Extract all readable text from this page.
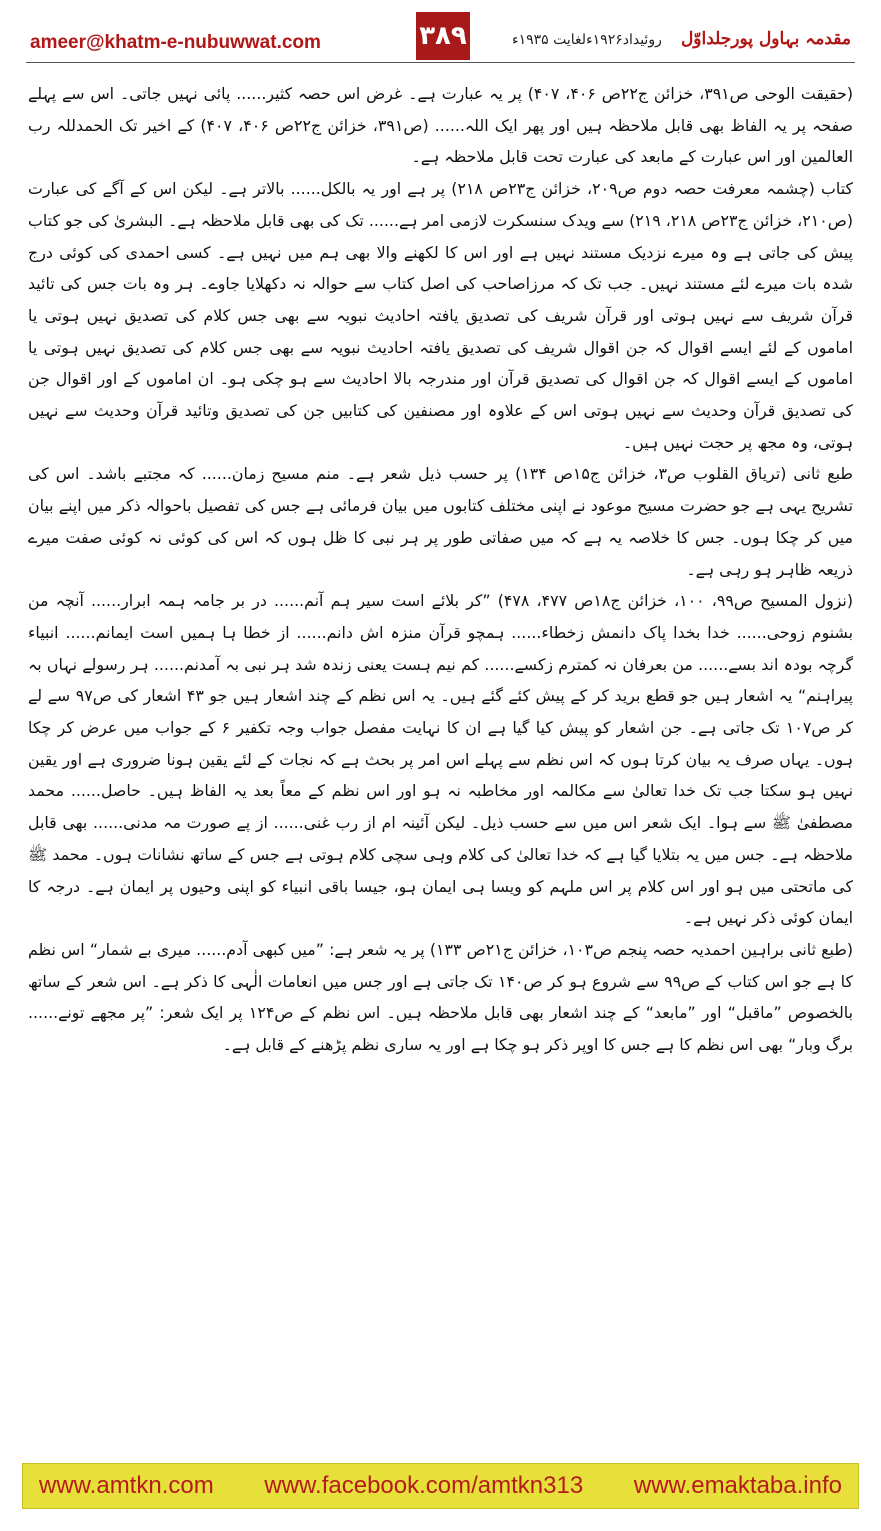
ameer@khatm-e-nubuwwat.com	۳۸۹	مقدمہ بہاول پورجلداوّل روئیداد۱۹۲۶ءلغایت ۱۹۳۵ء

(حقیقت الوحی ص۳۹۱، خزائن ج۲۲ص ۴۰۶، ۴۰۷) پر یہ عبارت ہے۔ غرض اس حصہ کثیر...... پائی نہیں جاتی۔ اس سے پہلے صفحہ پر یہ الفاظ بھی قابل ملاحظہ ہیں اور پھر ایک اللہ...... (ص۳۹۱، خزائن ج۲۲ص ۴۰۶، ۴۰۷) کے اخیر تک الحمدللہ رب العالمین اور اس عبارت کے مابعد کی عبارت تحت قابل ملاحظہ ہے۔

کتاب (چشمہ معرفت حصہ دوم ص۲۰۹، خزائن ج۲۳ص ۲۱۸) پر ہے اور یہ بالکل...... بالاتر ہے۔ لیکن اس کے آگے کی عبارت (ص۲۱۰، خزائن ج۲۳ص ۲۱۸، ۲۱۹) سے ویدک سنسکرت لازمی امر ہے...... تک کی بھی قابل ملاحظہ ہے۔ البشریٰ کی جو کتاب پیش کی جاتی ہے وہ میرے نزدیک مستند نہیں ہے اور اس کا لکھنے والا بھی ہم میں نہیں ہے۔ کسی احمدی کی کوئی درج شدہ بات میرے لئے مستند نہیں۔ جب تک کہ مرزاصاحب کی اصل کتاب سے حوالہ نہ دکھلایا جاوے۔ ہر وہ بات جس کی تائید قرآن شریف سے نہیں ہوتی اور قرآن شریف کی تصدیق یافتہ احادیث نبویہ سے بھی جس کلام کی تصدیق نہیں ہوتی یا اماموں کے لئے ایسے اقوال کہ جن اقوال شریف کی تصدیق یافتہ احادیث نبویہ سے بھی جس کلام کی تصدیق نہیں ہوتی یا اماموں کے ایسے اقوال کہ جن اقوال کی تصدیق قرآن اور مندرجہ بالا احادیث سے ہو چکی ہو۔ ان اماموں کے اور اقوال جن کی تصدیق قرآن وحدیث سے نہیں ہوتی اس کے علاوہ اور مصنفین کی کتابیں جن کی تصدیق وتائید قرآن وحدیث سے نہیں ہوتی، وہ مجھ پر حجت نہیں ہیں۔

طبع ثانی (تریاق القلوب ص۳، خزائن ج۱۵ص ۱۳۴) پر حسب ذیل شعر ہے۔ منم مسیح زمان...... کہ مجتبے باشد۔ اس کی تشریح یہی ہے جو حضرت مسیح موعود نے اپنی مختلف کتابوں میں بیان فرمائی ہے جس کی تفصیل باحوالہ ذکر میں اپنے بیان میں کر چکا ہوں۔ جس کا خلاصہ یہ ہے کہ میں صفاتی طور پر ہر نبی کا ظل ہوں کہ اس کی کوئی نہ کوئی صفت میرے ذریعہ ظاہر ہو رہی ہے۔

(نزول المسیح ص۹۹، ۱۰۰، خزائن ج۱۸ص ۴۷۷، ۴۷۸) ”کر بلائے است سیر ہم آنم...... در بر جامہ ہمہ ابرار...... آنچہ من بشنوم زوحی...... خدا بخدا پاک دانمش زخطاء...... ہمچو قرآن منزہ اش دانم...... از خطا ہا ہمیں است ایمانم...... انبیاء گرچہ بودہ اند بسے...... من بعرفان نہ کمترم زکسے...... کم نیم ہست یعنی زندہ شد ہر نبی بہ آمدنم...... ہر رسولے نہاں بہ پیراہنم“ یہ اشعار ہیں جو قطع برید کر کے پیش کئے گئے ہیں۔ یہ اس نظم کے چند اشعار ہیں جو ۴۳ اشعار کی ص۹۷ سے لے کر ص۱۰۷ تک جاتی ہے۔ جن اشعار کو پیش کیا گیا ہے ان کا نہایت مفصل جواب وجہ تکفیر ۶ کے جواب میں عرض کر چکا ہوں۔ یہاں صرف یہ بیان کرتا ہوں کہ اس نظم سے پہلے اس امر پر بحث ہے کہ نجات کے لئے یقین ہونا ضروری ہے اور یقین نہیں ہو سکتا جب تک خدا تعالیٰ سے مکالمہ اور مخاطبہ نہ ہو اور اس نظم کے معاً بعد یہ الفاظ ہیں۔ حاصل...... محمد مصطفیٰ ﷺ سے ہوا۔ ایک شعر اس میں سے حسب ذیل۔ لیکن آئینہ ام از رب غنی...... از پے صورت مہ مدنی...... بھی قابل ملاحظہ ہے۔ جس میں یہ بتلایا گیا ہے کہ خدا تعالیٰ کی کلام وہی سچی کلام ہوتی ہے جس کے ساتھ نشانات ہوں۔ محمد ﷺ کی ماتحتی میں ہو اور اس کلام پر اس ملہم کو ویسا ہی ایمان ہو، جیسا باقی انبیاء کو اپنی وحیوں پر ایمان ہے۔ درجہ کا ایمان کوئی ذکر نہیں ہے۔

(طبع ثانی براہین احمدیہ حصہ پنجم ص۱۰۳، خزائن ج۲۱ص ۱۳۳) پر یہ شعر ہے: ”میں کبھی آدم...... میری بے شمار“ اس نظم کا ہے جو اس کتاب کے ص۹۹ سے شروع ہو کر ص۱۴۰ تک جاتی ہے اور جس میں انعامات الٰہی کا ذکر ہے۔ اس شعر کے ساتھ بالخصوص ”ماقبل“ اور ”مابعد“ کے چند اشعار بھی قابل ملاحظہ ہیں۔ اس نظم کے ص۱۲۴ پر ایک شعر: ”پر مجھے تونے...... برگ وبار“ بھی اس نظم کا ہے جس کا اوپر ذکر ہو چکا ہے اور یہ ساری نظم پڑھنے کے قابل ہے۔

www.amtkn.com www.facebook.com/amtkn313 www.emaktaba.info
